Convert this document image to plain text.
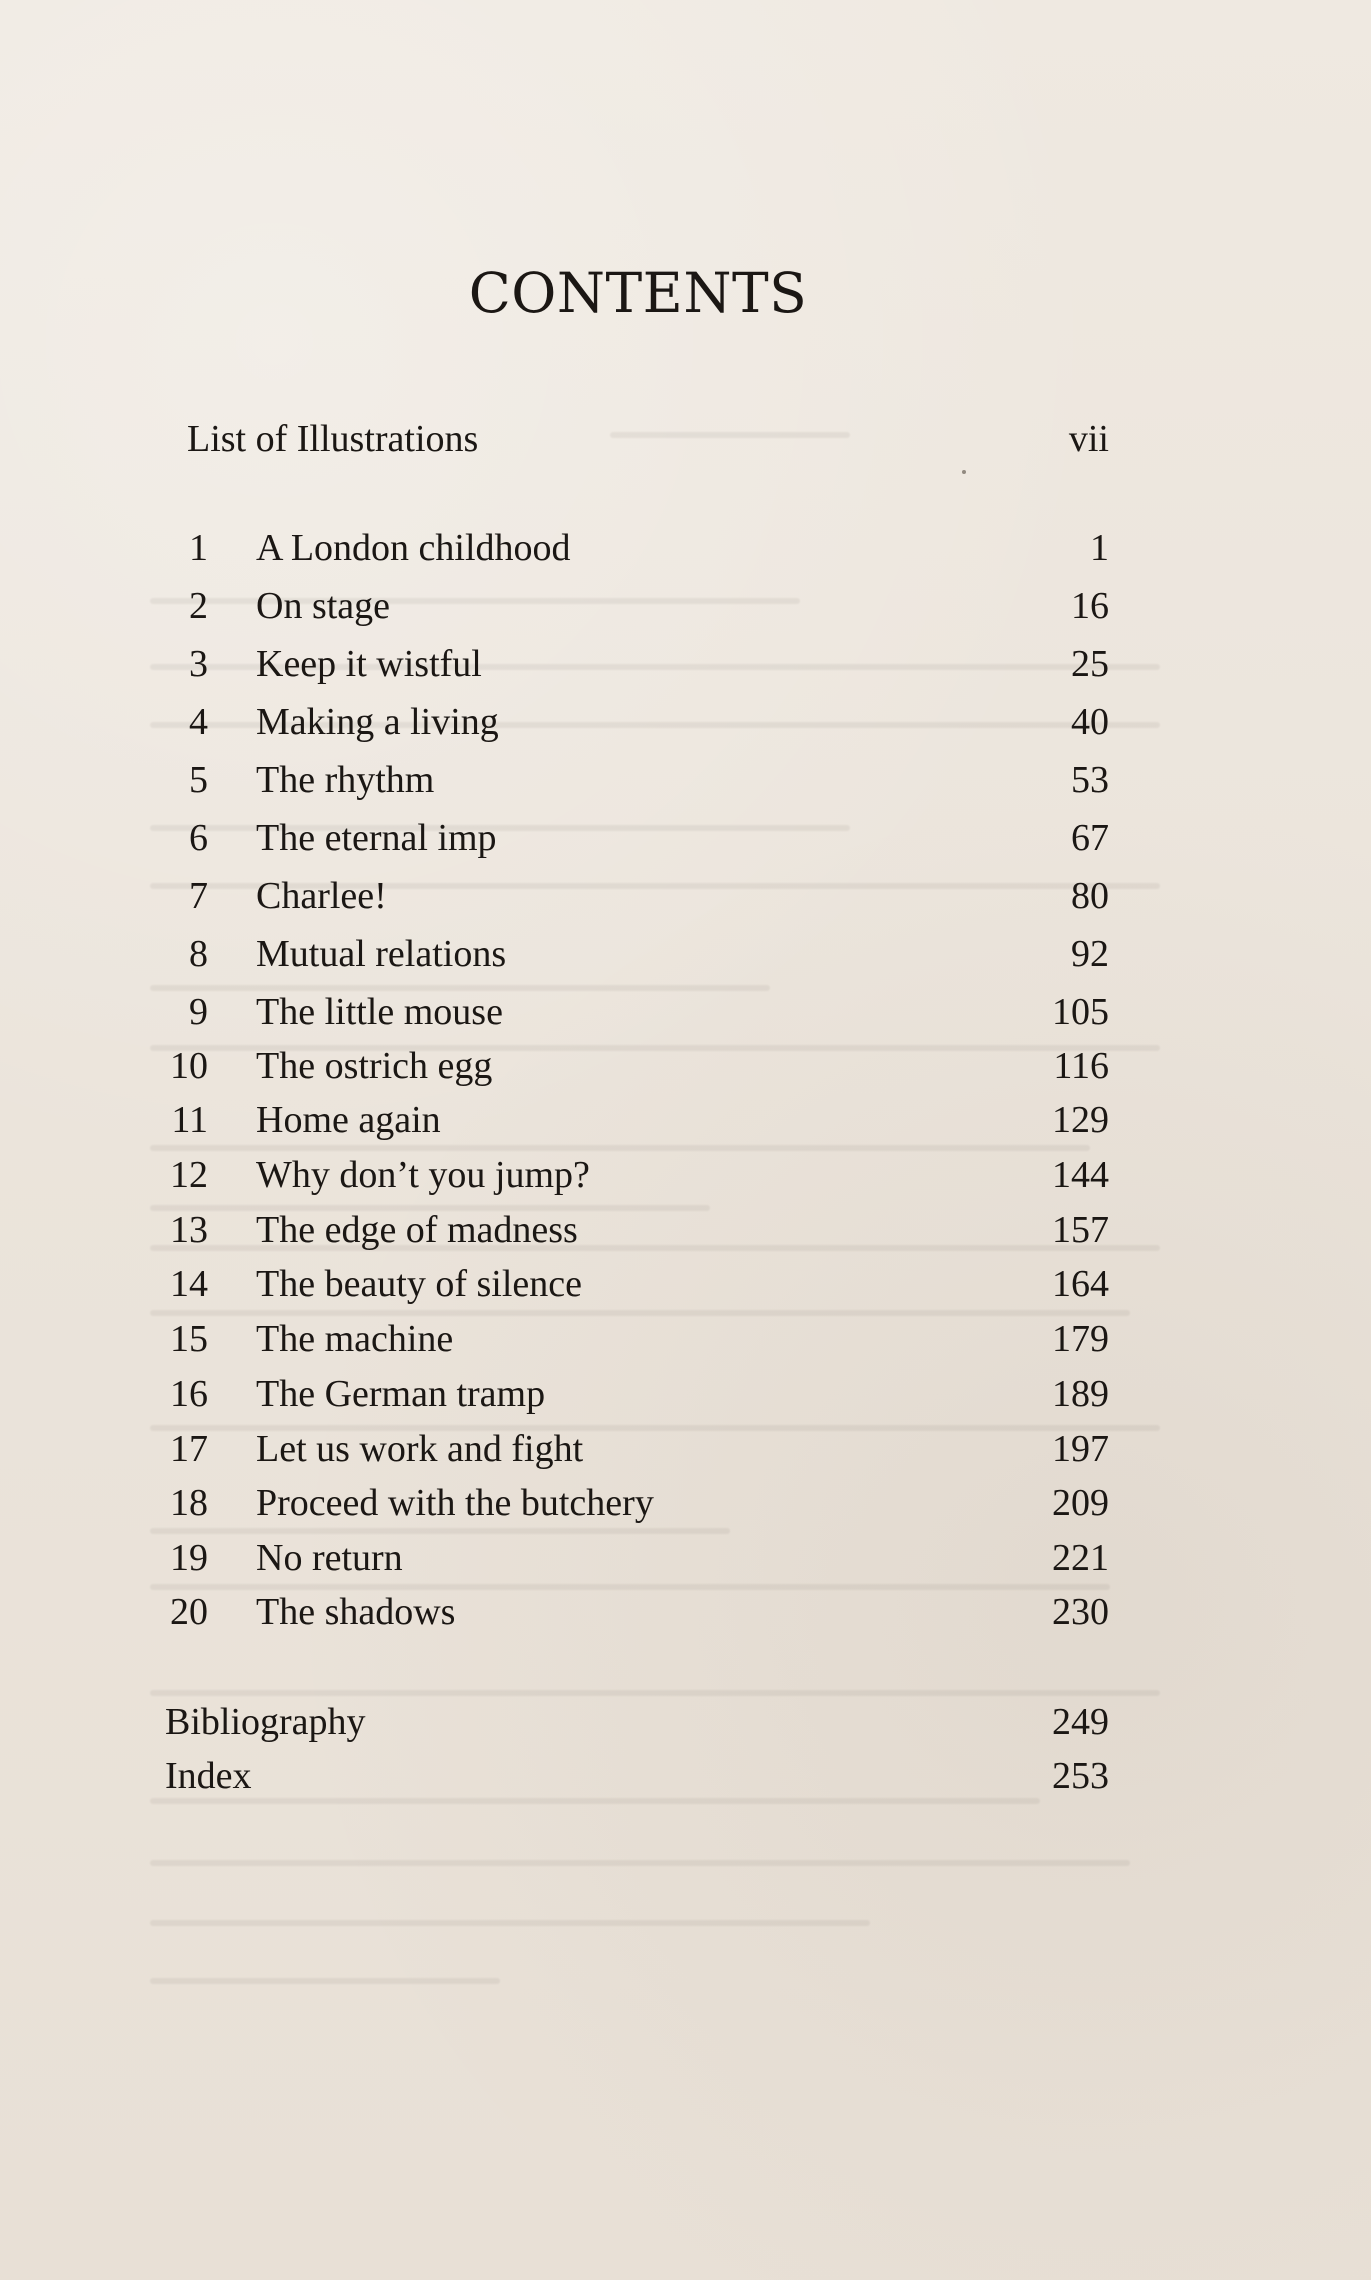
CONTENTS
List of Illustrations	vii
1 A London childhood	1
2 On stage	16
3 Keep it wistful	25
4 Making a living	40
5 The rhythm	53
6 The eternal imp	67
7 Charlee!	80
8 Mutual relations	92
9 The little mouse	105
10 The ostrich egg	116
11 Home again	129
12 Why don’t you jump?	144
13 The edge of madness	157
14 The beauty of silence	164
15 The machine	179
16 The German tramp	189
17 Let us work and fight	197
18 Proceed with the butchery	209
19 No return	221
20 The shadows	230
Bibliography	249
Index	253
